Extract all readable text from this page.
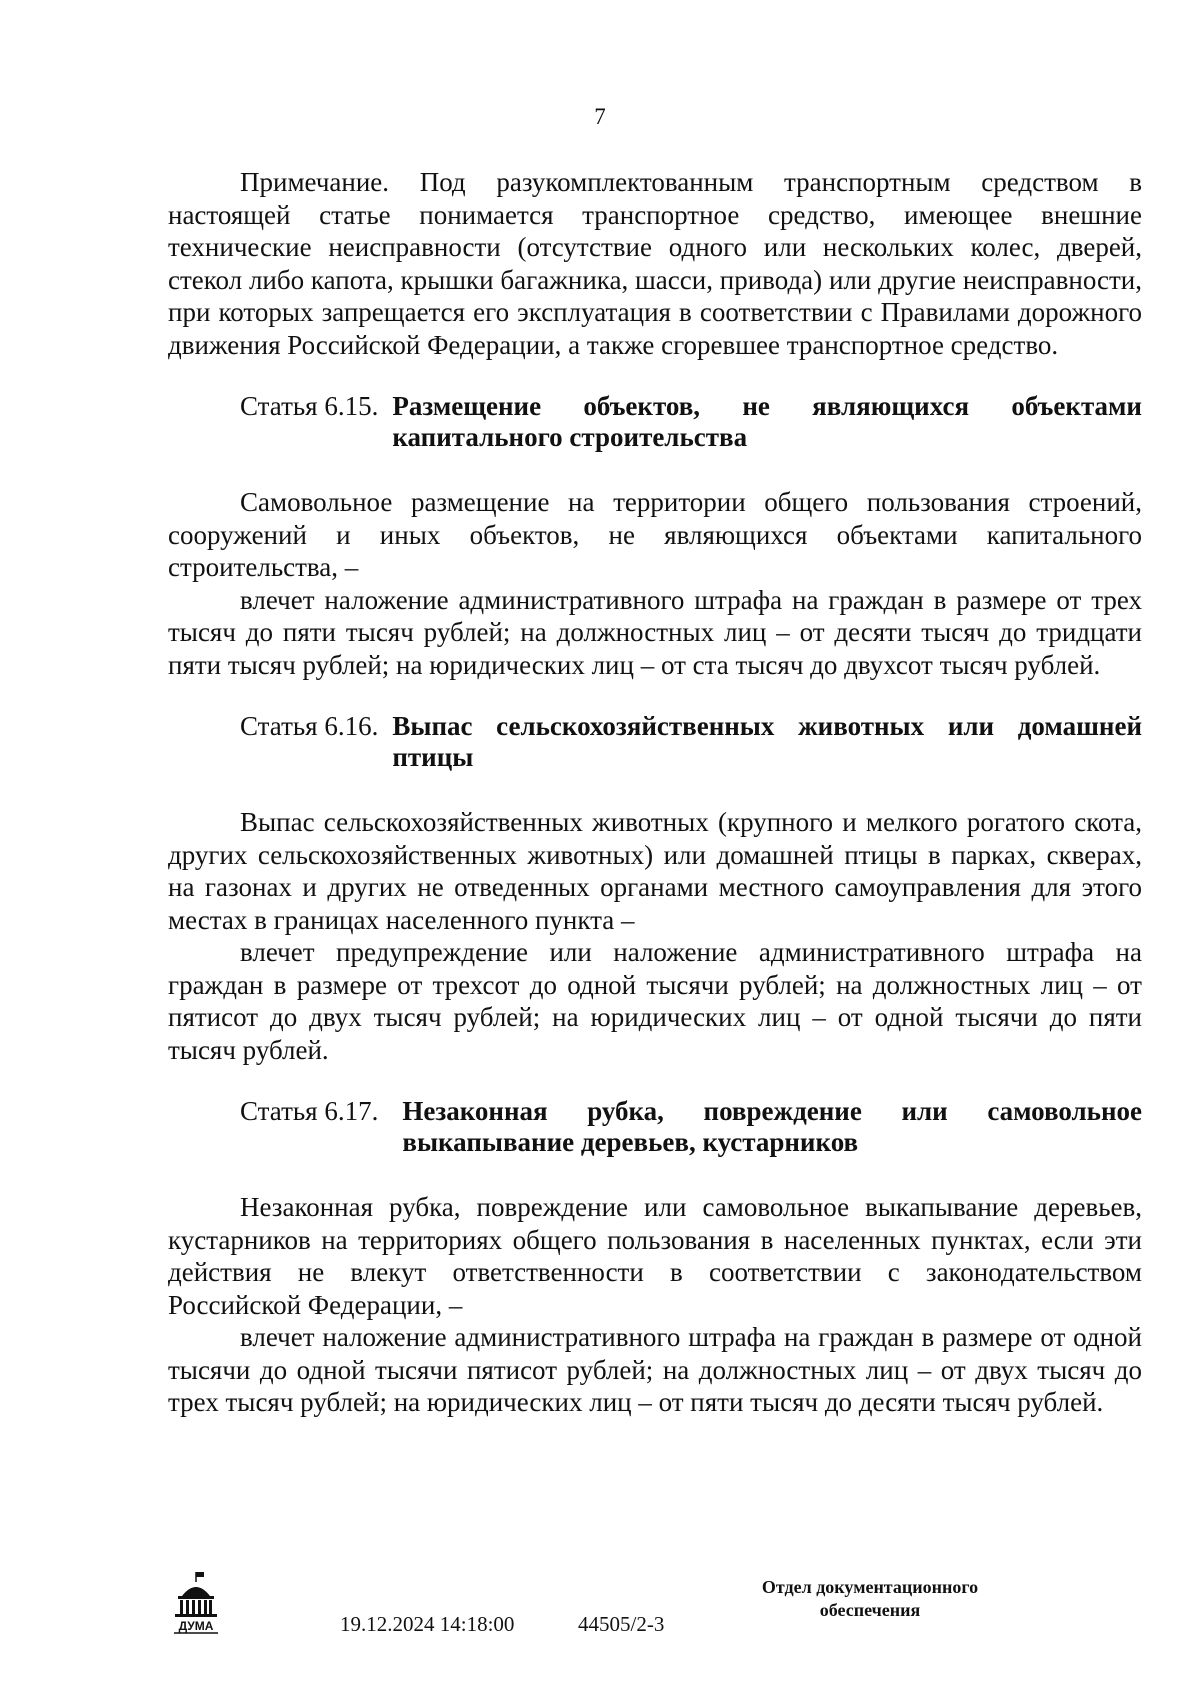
7

Примечание. Под разукомплектованным транспортным средством в настоящей статье понимается транспортное средство, имеющее внешние технические неисправности (отсутствие одного или нескольких колес, дверей, стекол либо капота, крышки багажника, шасси, привода) или другие неисправности, при которых запрещается его эксплуатация в соответствии с Правилами дорожного движения Российской Федерации, а также сгоревшее транспортное средство.

Статья 6.15. Размещение объектов, не являющихся объектами капитального строительства

Самовольное размещение на территории общего пользования строений, сооружений и иных объектов, не являющихся объектами капитального строительства, –

влечет наложение административного штрафа на граждан в размере от трех тысяч до пяти тысяч рублей; на должностных лиц – от десяти тысяч до тридцати пяти тысяч рублей; на юридических лиц – от ста тысяч до двухсот тысяч рублей.

Статья 6.16. Выпас сельскохозяйственных животных или домашней птицы

Выпас сельскохозяйственных животных (крупного и мелкого рогатого скота, других сельскохозяйственных животных) или домашней птицы в парках, скверах, на газонах и других не отведенных органами местного самоуправления для этого местах в границах населенного пункта –

влечет предупреждение или наложение административного штрафа на граждан в размере от трехсот до одной тысячи рублей; на должностных лиц – от пятисот до двух тысяч рублей; на юридических лиц – от одной тысячи до пяти тысяч рублей.

Статья 6.17. Незаконная рубка, повреждение или самовольное выкапывание деревьев, кустарников

Незаконная рубка, повреждение или самовольное выкапывание деревьев, кустарников на территориях общего пользования в населенных пунктах, если эти действия не влекут ответственности в соответствии с законодательством Российской Федерации, –

влечет наложение административного штрафа на граждан в размере от одной тысячи до одной тысячи пятисот рублей; на должностных лиц – от двух тысяч до трех тысяч рублей; на юридических лиц – от пяти тысяч до десяти тысяч рублей.

ДУМА	19.12.2024 14:18:00	44505/2-3
Отдел документационного
обеспечения
